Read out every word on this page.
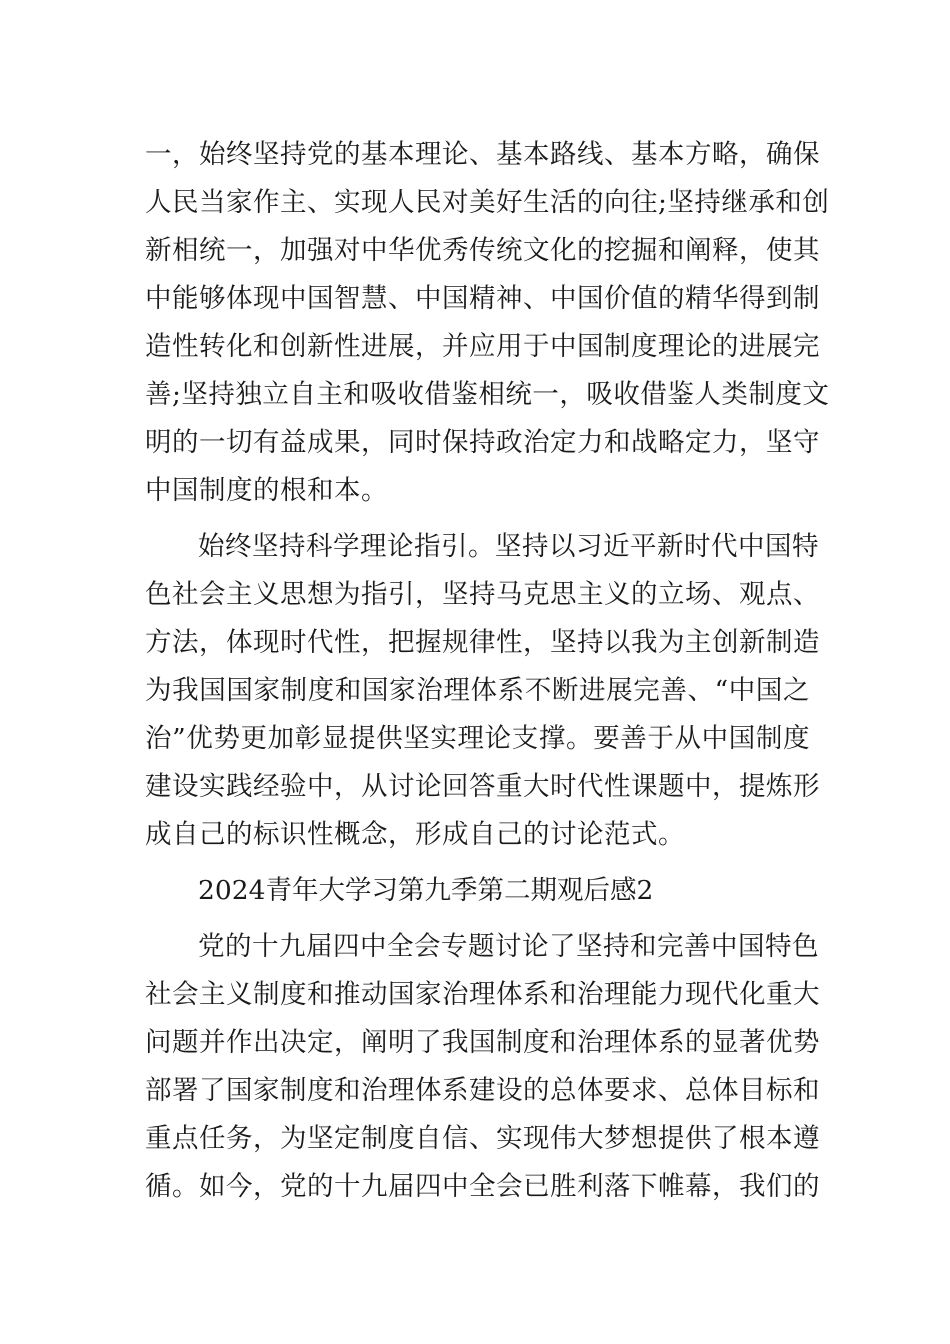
一，始终坚持党的基本理论、基本路线、基本方略，确保
人民当家作主、实现人民对美好生活的向往;坚持继承和创
新相统一，加强对中华优秀传统文化的挖掘和阐释，使其
中能够体现中国智慧、中国精神、中国价值的精华得到制
造性转化和创新性进展，并应用于中国制度理论的进展完
善;坚持独立自主和吸收借鉴相统一，吸收借鉴人类制度文
明的一切有益成果，同时保持政治定力和战略定力，坚守
中国制度的根和本。
始终坚持科学理论指引。坚持以习近平新时代中国特
色社会主义思想为指引，坚持马克思主义的立场、观点、
方法，体现时代性，把握规律性，坚持以我为主创新制造
为我国国家制度和国家治理体系不断进展完善、“中国之
治”优势更加彰显提供坚实理论支撑。要善于从中国制度
建设实践经验中，从讨论回答重大时代性课题中，提炼形
成自己的标识性概念，形成自己的讨论范式。
2024青年大学习第九季第二期观后感2
党的十九届四中全会专题讨论了坚持和完善中国特色
社会主义制度和推动国家治理体系和治理能力现代化重大
问题并作出决定，阐明了我国制度和治理体系的显著优势
部署了国家制度和治理体系建设的总体要求、总体目标和
重点任务，为坚定制度自信、实现伟大梦想提供了根本遵
循。如今，党的十九届四中全会已胜利落下帷幕，我们的
